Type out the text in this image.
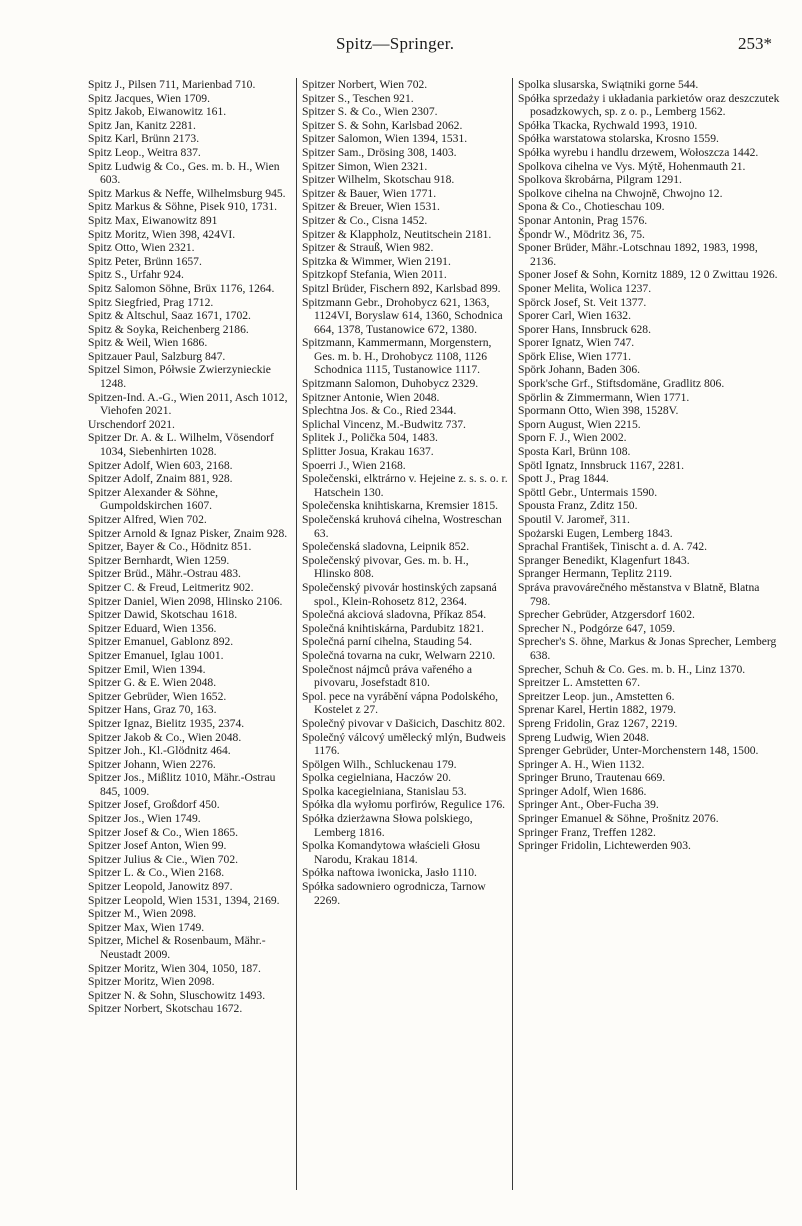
Spitz—Springer.	253*

Spitz J., Pilsen 711, Marienbad 710.

Spitz Jacques, Wien 1709.

Spitz Jakob, Eiwanowitz 161.

Spitz Jan, Kanitz 2281.

Spitz Karl, Brünn 2173.

Spitz Leop., Weitra 837.

Spitz Ludwig & Co., Ges. m. b. H., Wien 603.

Spitz Markus & Neffe, Wilhelmsburg 945.

Spitz Markus & Söhne, Pisek 910, 1731.

Spitz Max, Eiwanowitz 891

Spitz Moritz, Wien 398, 424VI.

Spitz Otto, Wien 2321.

Spitz Peter, Brünn 1657.

Spitz S., Urfahr 924.

Spitz Salomon Söhne, Brüx 1176, 1264.

Spitz Siegfried, Prag 1712.

Spitz & Altschul, Saaz 1671, 1702.

Spitz & Soyka, Reichenberg 2186.

Spitz & Weil, Wien 1686.

Spitzauer Paul, Salzburg 847.

Spitzel Simon, Półwsie Zwierzynieckie 1248.

Spitzen-Ind. A.-G., Wien 2011, Asch 1012, Viehofen 2021.

Urschendorf 2021.

Spitzer Dr. A. & L. Wilhelm, Vösendorf 1034, Siebenhirten 1028.

Spitzer Adolf, Wien 603, 2168.

Spitzer Adolf, Znaim 881, 928.

Spitzer Alexander & Söhne, Gumpoldskirchen 1607.

Spitzer Alfred, Wien 702.

Spitzer Arnold & Ignaz Pisker, Znaim 928.

Spitzer, Bayer & Co., Hödnitz 851.

Spitzer Bernhardt, Wien 1259.

Spitzer Brüd., Mähr.-Ostrau 483.

Spitzer C. & Freud, Leitmeritz 902.

Spitzer Daniel, Wien 2098, Hlinsko 2106.

Spitzer Dawid, Skotschau 1618.

Spitzer Eduard, Wien 1356.

Spitzer Emanuel, Gablonz 892.

Spitzer Emanuel, Iglau 1001.

Spitzer Emil, Wien 1394.

Spitzer G. & E. Wien 2048.

Spitzer Gebrüder, Wien 1652.

Spitzer Hans, Graz 70, 163.

Spitzer Ignaz, Bielitz 1935, 2374.

Spitzer Jakob & Co., Wien 2048.

Spitzer Joh., Kl.-Glödnitz 464.

Spitzer Johann, Wien 2276.

Spitzer Jos., Mißlitz 1010, Mähr.-Ostrau 845, 1009.

Spitzer Josef, Großdorf 450.

Spitzer Jos., Wien 1749.

Spitzer Josef & Co., Wien 1865.

Spitzer Josef Anton, Wien 99.

Spitzer Julius & Cie., Wien 702.

Spitzer L. & Co., Wien 2168.

Spitzer Leopold, Janowitz 897.

Spitzer Leopold, Wien 1531, 1394, 2169.

Spitzer M., Wien 2098.

Spitzer Max, Wien 1749.

Spitzer, Michel & Rosenbaum, Mähr.-Neustadt 2009.

Spitzer Moritz, Wien 304, 1050, 187.

Spitzer Moritz, Wien 2098.

Spitzer N. & Sohn, Sluschowitz 1493.

Spitzer Norbert, Skotschau 1672.

Spitzer Norbert, Wien 702.

Spitzer S., Teschen 921.

Spitzer S. & Co., Wien 2307.

Spitzer S. & Sohn, Karlsbad 2062.

Spitzer Salomon, Wien 1394, 1531.

Spitzer Sam., Drösing 308, 1403.

Spitzer Simon, Wien 2321.

Spitzer Wilhelm, Skotschau 918.

Spitzer & Bauer, Wien 1771.

Spitzer & Breuer, Wien 1531.

Spitzer & Co., Cisna 1452.

Spitzer & Klappholz, Neutitschein 2181.

Spitzer & Strauß, Wien 982.

Spitzka & Wimmer, Wien 2191.

Spitzkopf Stefania, Wien 2011.

Spitzl Brüder, Fischern 892, Karlsbad 899.

Spitzmann Gebr., Drohobycz 621, 1363, 1124VI, Boryslaw 614, 1360, Schodnica 664, 1378, Tustanowice 672, 1380.

Spitzmann, Kammermann, Morgenstern, Ges. m. b. H., Drohobycz 1108, 1126 Schodnica 1115, Tustanowice 1117.

Spitzmann Salomon, Duhobycz 2329.

Spitzner Antonie, Wien 2048.

Splechtna Jos. & Co., Ried 2344.

Splichal Vincenz, M.-Budwitz 737.

Splitek J., Polička 504, 1483.

Splitter Josua, Krakau 1637.

Spoerri J., Wien 2168.

Společenski, elktrárno v. Hejeine z. s. s. o. r. Hatschein 130.

Společenska knihtiskarna, Kremsier 1815.

Společenská kruhová cihelna, Wostreschan 63.

Společenská sladovna, Leipnik 852.

Společenský pivovar, Ges. m. b. H., Hlinsko 808.

Společenský pivovár hostinských zapsaná spol., Klein-Rohosetz 812, 2364.

Společná akciová sladovna, Příkaz 854.

Společná knihtiskárna, Pardubitz 1821.

Společná parní cihelna, Stauding 54.

Společná tovarna na cukr, Welwarn 2210.

Společnost nájmců práva vařeného a pivovaru, Josefstadt 810.

Spol. pece na vyrábění vápna Podolského, Kostelet z 27.

Společný pivovar v Dašicich, Daschitz 802.

Společný válcový umělecký mlýn, Budweis 1176.

Spölgen Wilh., Schluckenau 179.

Spolka cegielniana, Haczów 20.

Spolka kacegielniana, Stanislau 53.

Spółka dla wyłomu porfirów, Regulice 176.

Spółka dzierżawna Słowa polskiego, Lemberg 1816.

Spolka Komandytowa właścieli Głosu Narodu, Krakau 1814.

Spółka naftowa iwonicka, Jasło 1110.

Spółka sadowniero ogrodnicza, Tarnow 2269.

Spolka slusarska, Swiątniki gorne 544.

Spółka sprzedaży i układania parkietów oraz deszczutek posadzkowych, sp. z o. p., Lemberg 1562.

Spółka Tkacka, Rychwald 1993, 1910.

Spółka warstatowa stolarska, Krosno 1559.

Spółka wyrebu i handlu drzewem, Wołoszcza 1442.

Spolkova cihelna ve Vys. Mýtě, Hohenmauth 21.

Spolkova škrobárna, Pilgram 1291.

Spolkove cihelna na Chwojně, Chwojno 12.

Spona & Co., Chotieschau 109.

Sponar Antonin, Prag 1576.

Špondr W., Mödritz 36, 75.

Sponer Brüder, Mähr.-Lotschnau 1892, 1983, 1998, 2136.

Sponer Josef & Sohn, Kornitz 1889, 12 0 Zwittau 1926.

Sponer Melita, Wolica 1237.

Spörck Josef, St. Veit 1377.

Sporer Carl, Wien 1632.

Sporer Hans, Innsbruck 628.

Sporer Ignatz, Wien 747.

Spörk Elise, Wien 1771.

Spörk Johann, Baden 306.

Spork'sche Grf., Stiftsdomäne, Gradlitz 806.

Spörlin & Zimmermann, Wien 1771.

Spormann Otto, Wien 398, 1528V.

Sporn August, Wien 2215.

Sporn F. J., Wien 2002.

Sposta Karl, Brünn 108.

Spötl Ignatz, Innsbruck 1167, 2281.

Spott J., Prag 1844.

Spöttl Gebr., Untermais 1590.

Spousta Franz, Zditz 150.

Spoutil V. Jaromeř, 311.

Spożarski Eugen, Lemberg 1843.

Sprachal František, Tinischt a. d. A. 742.

Spranger Benedikt, Klagenfurt 1843.

Spranger Hermann, Teplitz 2119.

Správa pravovárečného městanstva v Blatně, Blatna 798.

Sprecher Gebrüder, Atzgersdorf 1602.

Sprecher N., Podgórze 647, 1059.

Sprecher's S. öhne, Markus & Jonas Sprecher, Lemberg 638.

Sprecher, Schuh & Co. Ges. m. b. H., Linz 1370.

Spreitzer L. Amstetten 67.

Spreitzer Leop. jun., Amstetten 6.

Sprenar Karel, Hertin 1882, 1979.

Spreng Fridolin, Graz 1267, 2219.

Spreng Ludwig, Wien 2048.

Sprenger Gebrüder, Unter-Morchenstern 148, 1500.

Springer A. H., Wien 1132.

Springer Bruno, Trautenau 669.

Springer Adolf, Wien 1686.

Springer Ant., Ober-Fucha 39.

Springer Emanuel & Söhne, Prošnitz 2076.

Springer Franz, Treffen 1282.

Springer Fridolin, Lichtewerden 903.
